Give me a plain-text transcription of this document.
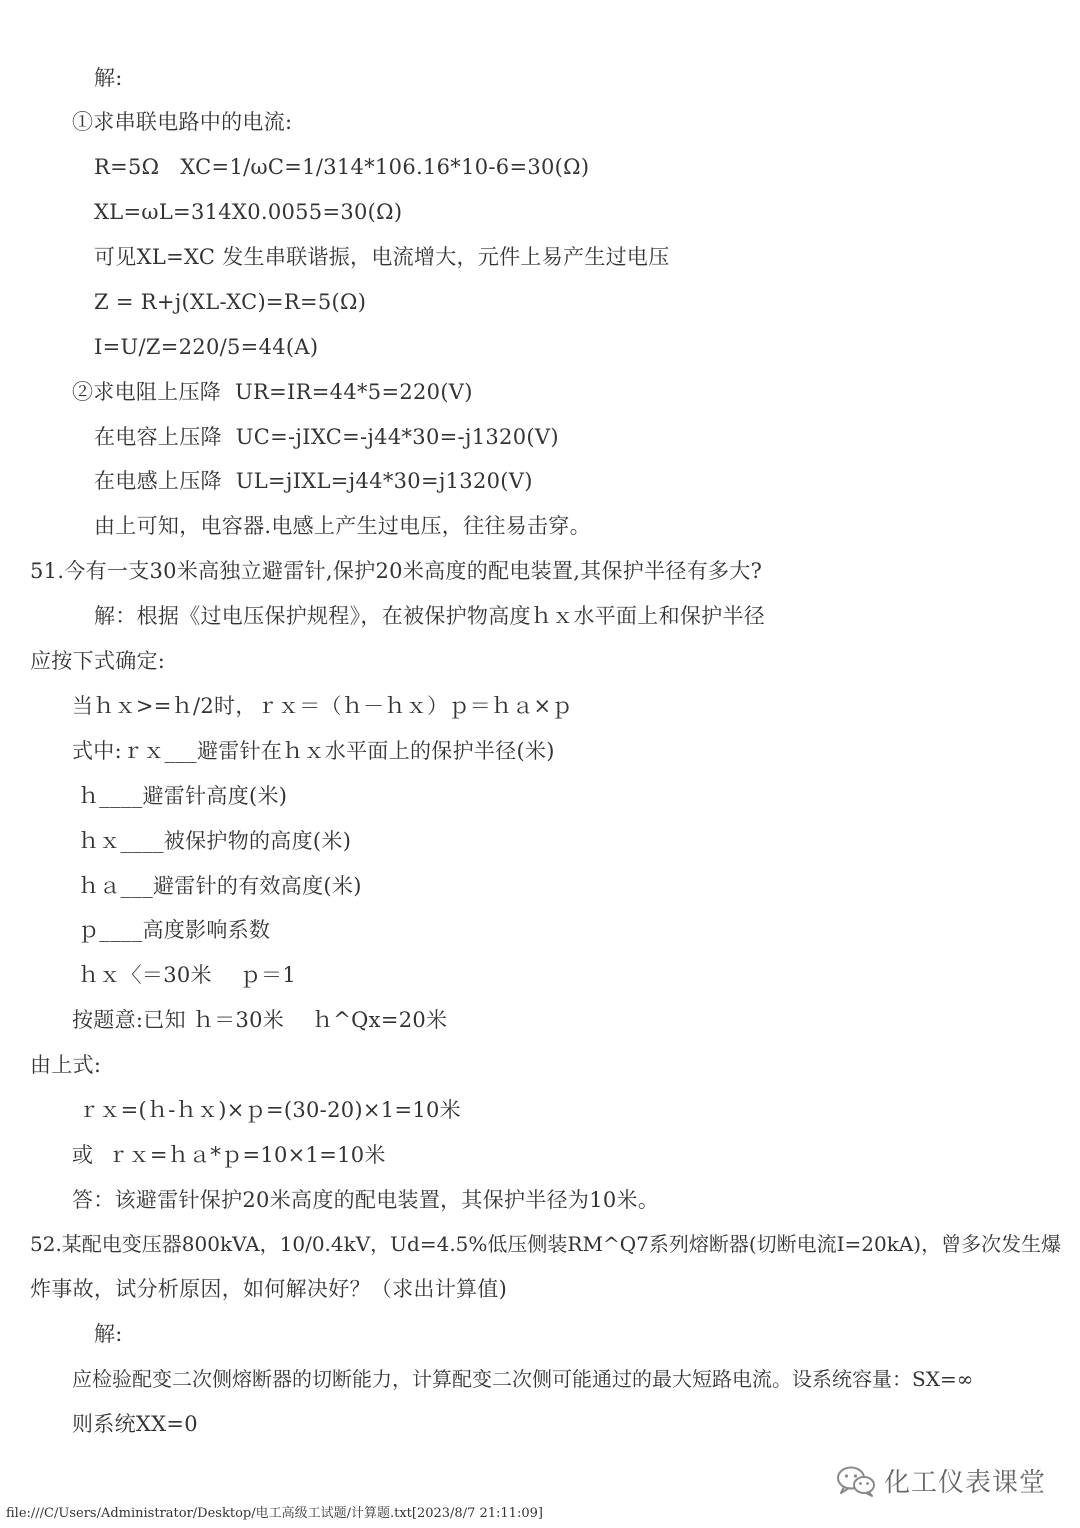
解:
①求串联电路中的电流:
R=5Ω   XC=1/ωC=1/314*106.16*10-6=30(Ω)
XL=ωL=314X0.0055=30(Ω)
可见XL=XC 发生串联谐振，电流增大，元件上易产生过电压
Z = R+j(XL-XC)=R=5(Ω)
I=U/Z=220/5=44(A)
②求电阻上压降  UR=IR=44*5=220(V)
在电容上压降  UC=-jIXC=-j44*30=-j1320(V)
在电感上压降  UL=jIXL=j44*30=j1320(V)
由上可知，电容器.电感上产生过电压，往往易击穿。
51.今有一支30米高独立避雷针,保护20米高度的配电装置,其保护半径有多大?
解：根据《过电压保护规程》，在被保护物高度ｈｘ水平面上和保护半径
应按下式确定:
当ｈｘ>=ｈ/2时，ｒｘ＝（ｈ－ｈｘ）ｐ＝ｈａ×ｐ
式中:ｒｘ___避雷针在ｈｘ水平面上的保护半径(米)
ｈ____避雷针高度(米)
ｈｘ____被保护物的高度(米)
ｈａ___避雷针的有效高度(米)
ｐ____高度影响系数
ｈｘ〈＝30米    ｐ＝1
按题意:已知 ｈ＝30米    ｈ^Qx=20米
由上式:
ｒｘ=(ｈ-ｈｘ)×ｐ=(30-20)×1=10米
或  ｒｘ=ｈａ*ｐ=10×1=10米
答：该避雷针保护20米高度的配电装置，其保护半径为10米。
52.某配电变压器800kVA，10/0.4kV，Ud=4.5%低压侧装RM^Q7系列熔断器(切断电流I=20kA)，曾多次发生爆
炸事故，试分析原因，如何解决好？（求出计算值)
解:
应检验配变二次侧熔断器的切断能力，计算配变二次侧可能通过的最大短路电流。设系统容量：SX=∞
则系统XX=0
化工仪表课堂
file:///C/Users/Administrator/Desktop/电工高级工试题/计算题.txt[2023/8/7 21:11:09]
